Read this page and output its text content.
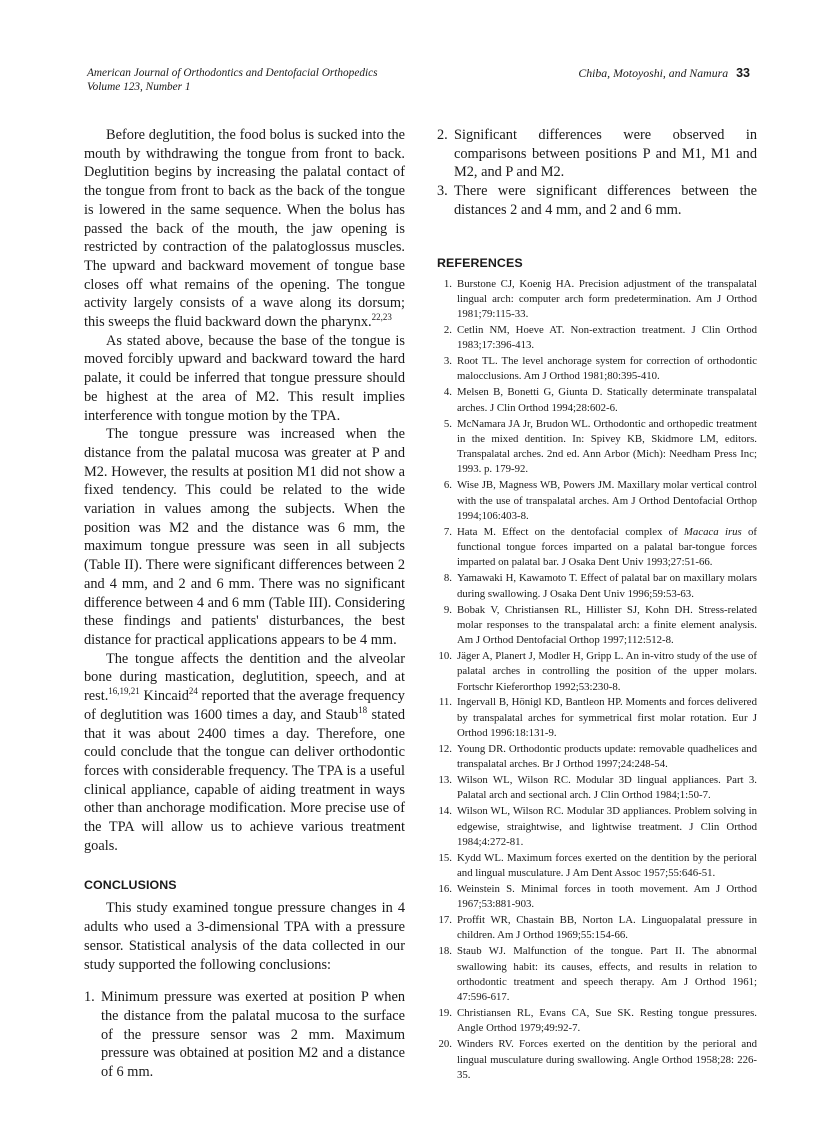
American Journal of Orthodontics and Dentofacial Orthopedics
Volume 123, Number 1
Chiba, Motoyoshi, and Namura 33

Before deglutition, the food bolus is sucked into the mouth by withdrawing the tongue from front to back. Deglutition begins by increasing the palatal contact of the tongue from front to back as the back of the tongue is lowered in the same sequence. When the bolus has passed the back of the mouth, the jaw opening is restricted by contraction of the palatoglossus muscles. The upward and backward movement of tongue base closes off what remains of the opening. The tongue activity largely consists of a wave along its dorsum; this sweeps the fluid backward down the pharynx.$^{22,23}$

As stated above, because the base of the tongue is moved forcibly upward and backward toward the hard palate, it could be inferred that tongue pressure should be highest at the area of M2. This result implies interference with tongue motion by the TPA.

The tongue pressure was increased when the distance from the palatal mucosa was greater at P and M2. However, the results at position M1 did not show a fixed tendency. This could be related to the wide variation in values among the subjects. When the position was M2 and the distance was 6 mm, the maximum tongue pressure was seen in all subjects (Table II). There were significant differences between 2 and 4 mm, and 2 and 6 mm. There was no significant difference between 4 and 6 mm (Table III). Considering these findings and patients' disturbances, the best distance for practical applications appears to be 4 mm.

The tongue affects the dentition and the alveolar bone during mastication, deglutition, speech, and at rest.$^{16,19,21}$ Kincaid$^{24}$ reported that the average frequency of deglutition was 1600 times a day, and Staub$^{18}$ stated that it was about 2400 times a day. Therefore, one could conclude that the tongue can deliver orthodontic forces with considerable frequency. The TPA is a useful clinical appliance, capable of aiding treatment in ways other than anchorage modification. More precise use of the TPA will allow us to achieve various treatment goals.

CONCLUSIONS

This study examined tongue pressure changes in 4 adults who used a 3-dimensional TPA with a pressure sensor. Statistical analysis of the data collected in our study supported the following conclusions:

1. Minimum pressure was exerted at position P when the distance from the palatal mucosa to the surface of the pressure sensor was 2 mm. Maximum pressure was obtained at position M2 and a distance of 6 mm.
2. Significant differences were observed in comparisons between positions P and M1, M1 and M2, and P and M2.
3. There were significant differences between the distances 2 and 4 mm, and 2 and 6 mm.
REFERENCES
1. Burstone CJ, Koenig HA. Precision adjustment of the transpalatal lingual arch: computer arch form predetermination. Am J Orthod 1981;79:115-33.
2. Cetlin NM, Hoeve AT. Non-extraction treatment. J Clin Orthod 1983;17:396-413.
3. Root TL. The level anchorage system for correction of orthodontic malocclusions. Am J Orthod 1981;80:395-410.
4. Melsen B, Bonetti G, Giunta D. Statically determinate transpalatal arches. J Clin Orthod 1994;28:602-6.
5. McNamara JA Jr, Brudon WL. Orthodontic and orthopedic treatment in the mixed dentition. In: Spivey KB, Skidmore LM, editors. Transpalatal arches. 2nd ed. Ann Arbor (Mich): Needham Press Inc; 1993. p. 179-92.
6. Wise JB, Magness WB, Powers JM. Maxillary molar vertical control with the use of transpalatal arches. Am J Orthod Dentofacial Orthop 1994;106:403-8.
7. Hata M. Effect on the dentofacial complex of Macaca irus of functional tongue forces imparted on a palatal bar-tongue forces imparted on palatal bar. J Osaka Dent Univ 1993;27:51-66.
8. Yamawaki H, Kawamoto T. Effect of palatal bar on maxillary molars during swallowing. J Osaka Dent Univ 1996;59:53-63.
9. Bobak V, Christiansen RL, Hillister SJ, Kohn DH. Stress-related molar responses to the transpalatal arch: a finite element analysis. Am J Orthod Dentofacial Orthop 1997;112:512-8.
10. Jäger A, Planert J, Modler H, Gripp L. An in-vitro study of the use of palatal arches in controlling the position of the upper molars. Fortschr Kieferorthop 1992;53:230-8.
11. Ingervall B, Hönigl KD, Bantleon HP. Moments and forces delivered by transpalatal arches for symmetrical first molar rotation. Eur J Orthod 1996:18:131-9.
12. Young DR. Orthodontic products update: removable quadhelices and transpalatal arches. Br J Orthod 1997;24:248-54.
13. Wilson WL, Wilson RC. Modular 3D lingual appliances. Part 3. Palatal arch and sectional arch. J Clin Orthod 1984;1:50-7.
14. Wilson WL, Wilson RC. Modular 3D appliances. Problem solving in edgewise, straightwise, and lightwise treatment. J Clin Orthod 1984;4:272-81.
15. Kydd WL. Maximum forces exerted on the dentition by the perioral and lingual musculature. J Am Dent Assoc 1957;55:646-51.
16. Weinstein S. Minimal forces in tooth movement. Am J Orthod 1967;53:881-903.
17. Proffit WR, Chastain BB, Norton LA. Linguopalatal pressure in children. Am J Orthod 1969;55:154-66.
18. Staub WJ. Malfunction of the tongue. Part II. The abnormal swallowing habit: its causes, effects, and results in relation to orthodontic treatment and speech therapy. Am J Orthod 1961; 47:596-617.
19. Christiansen RL, Evans CA, Sue SK. Resting tongue pressures. Angle Orthod 1979;49:92-7.
20. Winders RV. Forces exerted on the dentition by the perioral and lingual musculature during swallowing. Angle Orthod 1958;28: 226-35.
